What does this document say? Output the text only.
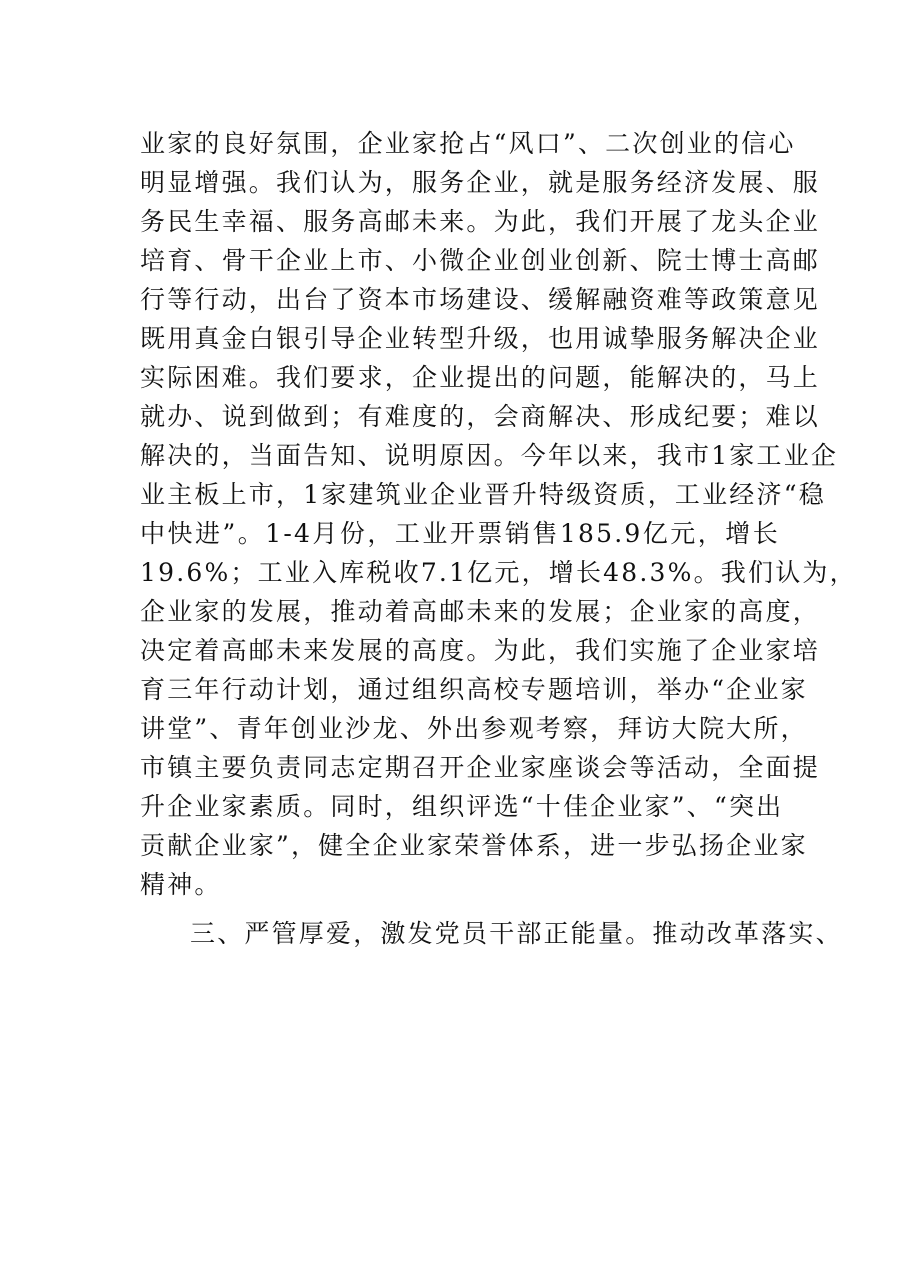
业家的良好氛围，企业家抢占“风口”、二次创业的信心
明显增强。我们认为，服务企业，就是服务经济发展、服
务民生幸福、服务高邮未来。为此，我们开展了龙头企业
培育、骨干企业上市、小微企业创业创新、院士博士高邮
行等行动，出台了资本市场建设、缓解融资难等政策意见
既用真金白银引导企业转型升级，也用诚挚服务解决企业
实际困难。我们要求，企业提出的问题，能解决的，马上
就办、说到做到；有难度的，会商解决、形成纪要；难以
解决的，当面告知、说明原因。今年以来，我市1家工业企
业主板上市，1家建筑业企业晋升特级资质，工业经济“稳
中快进”。1-4月份，工业开票销售185.9亿元，增长
19.6%；工业入库税收7.1亿元，增长48.3%。我们认为，
企业家的发展，推动着高邮未来的发展；企业家的高度，
决定着高邮未来发展的高度。为此，我们实施了企业家培
育三年行动计划，通过组织高校专题培训，举办“企业家
讲堂”、青年创业沙龙、外出参观考察，拜访大院大所，
市镇主要负责同志定期召开企业家座谈会等活动，全面提
升企业家素质。同时，组织评选“十佳企业家”、“突出
贡献企业家”，健全企业家荣誉体系，进一步弘扬企业家
精神。
三、严管厚爱，激发党员干部正能量。推动改革落实、
